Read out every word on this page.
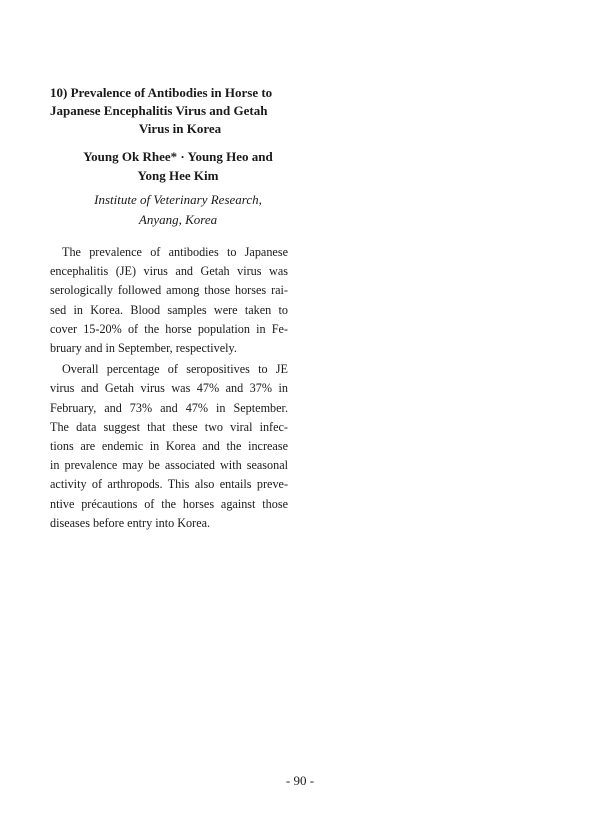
10) Prevalence of Antibodies in Horse to
Japanese Encephalitis Virus and Getah
Virus in Korea
Young Ok Rhee* · Young Heo and
Yong Hee Kim
Institute of Veterinary Research,
Anyang, Korea
The prevalence of antibodies to Japanese
encephalitis (JE) virus and Getah virus was
serologically followed among those horses rai-
sed in Korea. Blood samples were taken to
cover 15-20% of the horse population in Fe-
bruary and in September, respectively.
Overall percentage of seropositives to JE
virus and Getah virus was 47% and 37% in
February, and 73% and 47% in September.
The data suggest that these two viral infec-
tions are endemic in Korea and the increase
in prevalence may be associated with seasonal
activity of arthropods. This also entails preve-
ntive précautions of the horses against those
diseases before entry into Korea.
- 90 -
